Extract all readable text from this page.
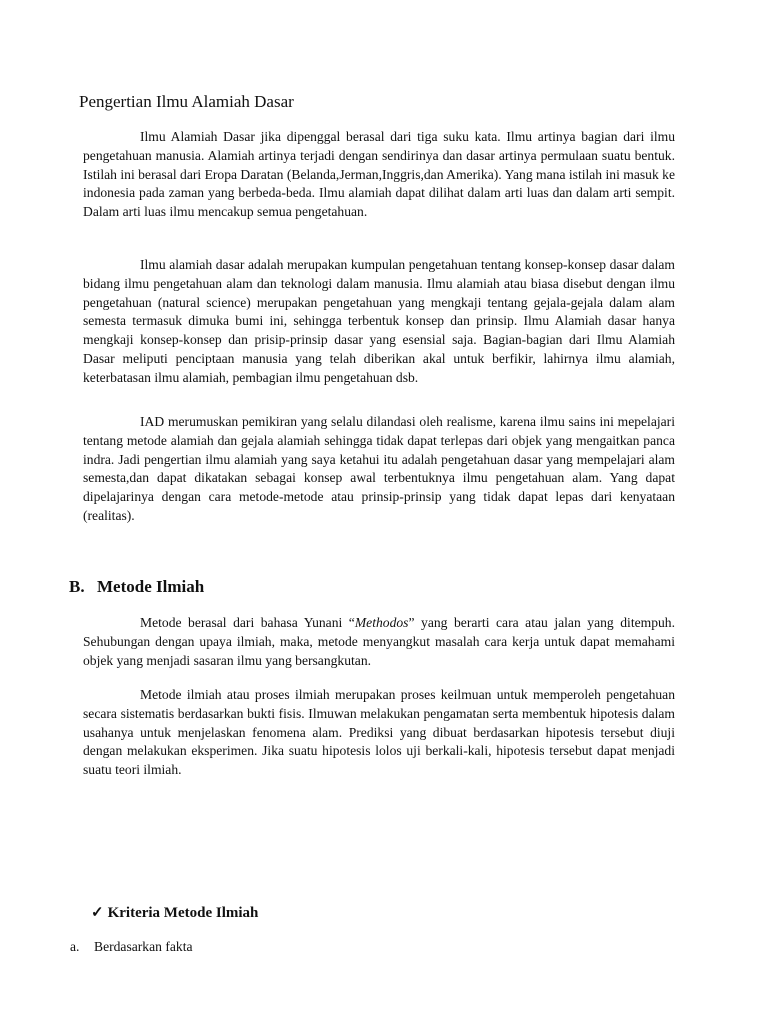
Pengertian Ilmu Alamiah Dasar

Ilmu Alamiah Dasar jika dipenggal berasal dari tiga suku kata. Ilmu artinya bagian dari ilmu pengetahuan manusia. Alamiah artinya terjadi dengan sendirinya dan dasar artinya permulaan suatu bentuk. Istilah ini berasal dari Eropa Daratan (Belanda,Jerman,Inggris,dan Amerika). Yang mana istilah ini masuk ke indonesia pada zaman yang berbeda-beda. Ilmu alamiah dapat dilihat dalam arti luas dan dalam arti sempit. Dalam arti luas ilmu mencakup semua pengetahuan.

Ilmu alamiah dasar adalah merupakan kumpulan pengetahuan tentang konsep-konsep dasar dalam bidang ilmu pengetahuan alam dan teknologi dalam manusia. Ilmu alamiah atau biasa disebut dengan ilmu pengetahuan (natural science) merupakan pengetahuan yang mengkaji tentang gejala-gejala dalam alam semesta termasuk dimuka bumi ini, sehingga terbentuk konsep dan prinsip. Ilmu Alamiah dasar hanya mengkaji konsep-konsep dan prisip-prinsip dasar yang esensial saja. Bagian-bagian dari Ilmu Alamiah Dasar meliputi penciptaan manusia yang telah diberikan akal untuk berfikir, lahirnya ilmu alamiah, keterbatasan ilmu alamiah, pembagian ilmu pengetahuan dsb.

IAD merumuskan pemikiran yang selalu dilandasi oleh realisme, karena ilmu sains ini mepelajari tentang metode alamiah dan gejala alamiah sehingga tidak dapat terlepas dari objek yang mengaitkan panca indra. Jadi pengertian ilmu alamiah yang saya ketahui itu adalah pengetahuan dasar yang mempelajari alam semesta,dan dapat dikatakan sebagai konsep awal terbentuknya ilmu pengetahuan alam. Yang dapat dipelajarinya dengan cara metode-metode atau prinsip-prinsip yang tidak dapat lepas dari kenyataan (realitas).

B. Metode Ilmiah

Metode berasal dari bahasa Yunani “Methodos” yang berarti cara atau jalan yang ditempuh. Sehubungan dengan upaya ilmiah, maka, metode menyangkut masalah cara kerja untuk dapat memahami objek yang menjadi sasaran ilmu yang bersangkutan.

Metode ilmiah atau proses ilmiah merupakan proses keilmuan untuk memperoleh pengetahuan secara sistematis berdasarkan bukti fisis. Ilmuwan melakukan pengamatan serta membentuk hipotesis dalam usahanya untuk menjelaskan fenomena alam. Prediksi yang dibuat berdasarkan hipotesis tersebut diuji dengan melakukan eksperimen. Jika suatu hipotesis lolos uji berkali-kali, hipotesis tersebut dapat menjadi suatu teori ilmiah.

✓ Kriteria Metode Ilmiah
a. Berdasarkan fakta
